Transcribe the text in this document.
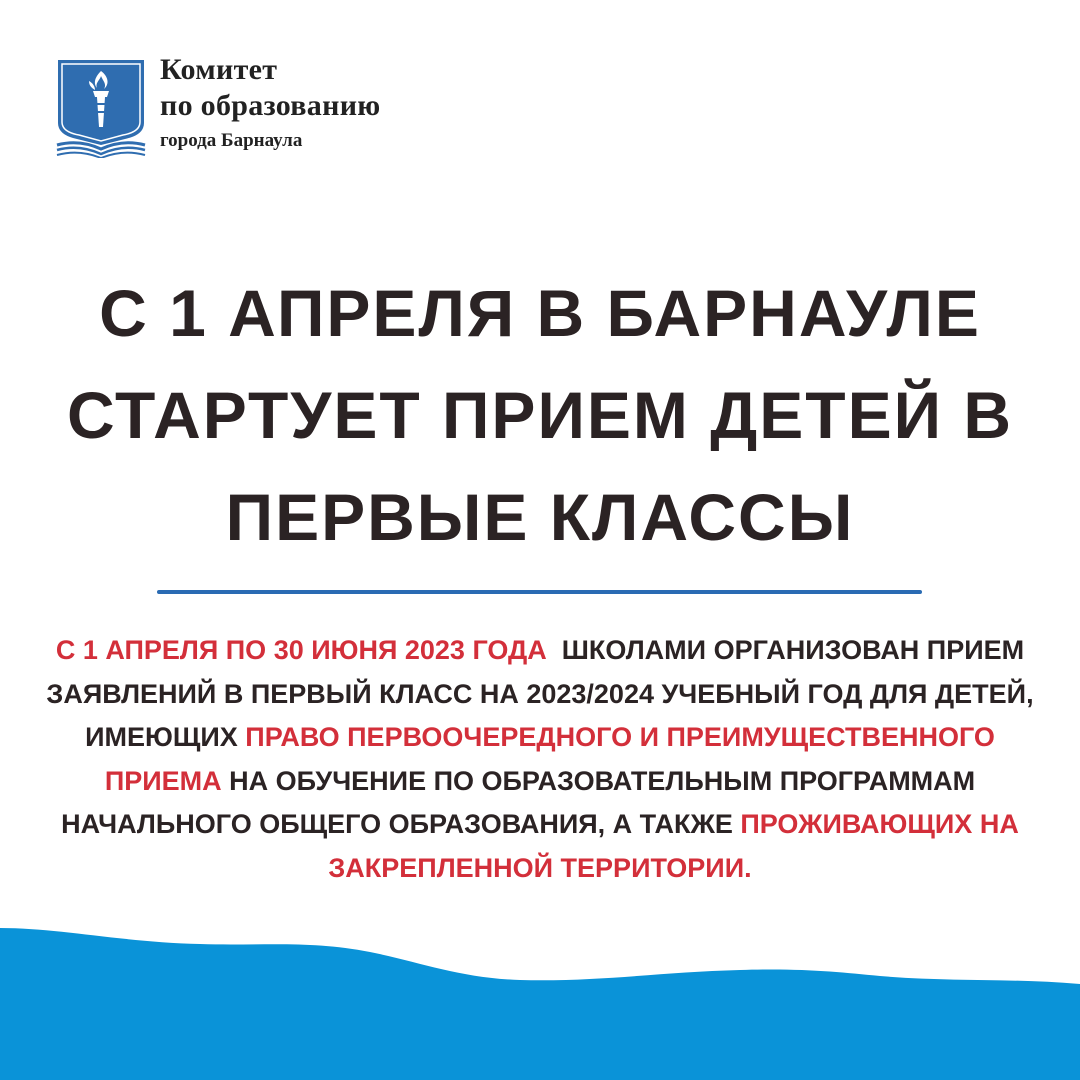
Комитет
по образованию
города Барнаула
С 1 АПРЕЛЯ В БАРНАУЛЕ
СТАРТУЕТ ПРИЕМ ДЕТЕЙ В
ПЕРВЫЕ КЛАССЫ
С 1 АПРЕЛЯ ПО 30 ИЮНЯ 2023 ГОДА ШКОЛАМИ ОРГАНИЗОВАН ПРИЕМ ЗАЯВЛЕНИЙ В ПЕРВЫЙ КЛАСС НА 2023/2024 УЧЕБНЫЙ ГОД ДЛЯ ДЕТЕЙ, ИМЕЮЩИХ ПРАВО ПЕРВООЧЕРЕДНОГО И ПРЕИМУЩЕСТВЕННОГО ПРИЕМА НА ОБУЧЕНИЕ ПО ОБРАЗОВАТЕЛЬНЫМ ПРОГРАММАМ НАЧАЛЬНОГО ОБЩЕГО ОБРАЗОВАНИЯ, А ТАКЖЕ ПРОЖИВАЮЩИХ НА ЗАКРЕПЛЕННОЙ ТЕРРИТОРИИ.
